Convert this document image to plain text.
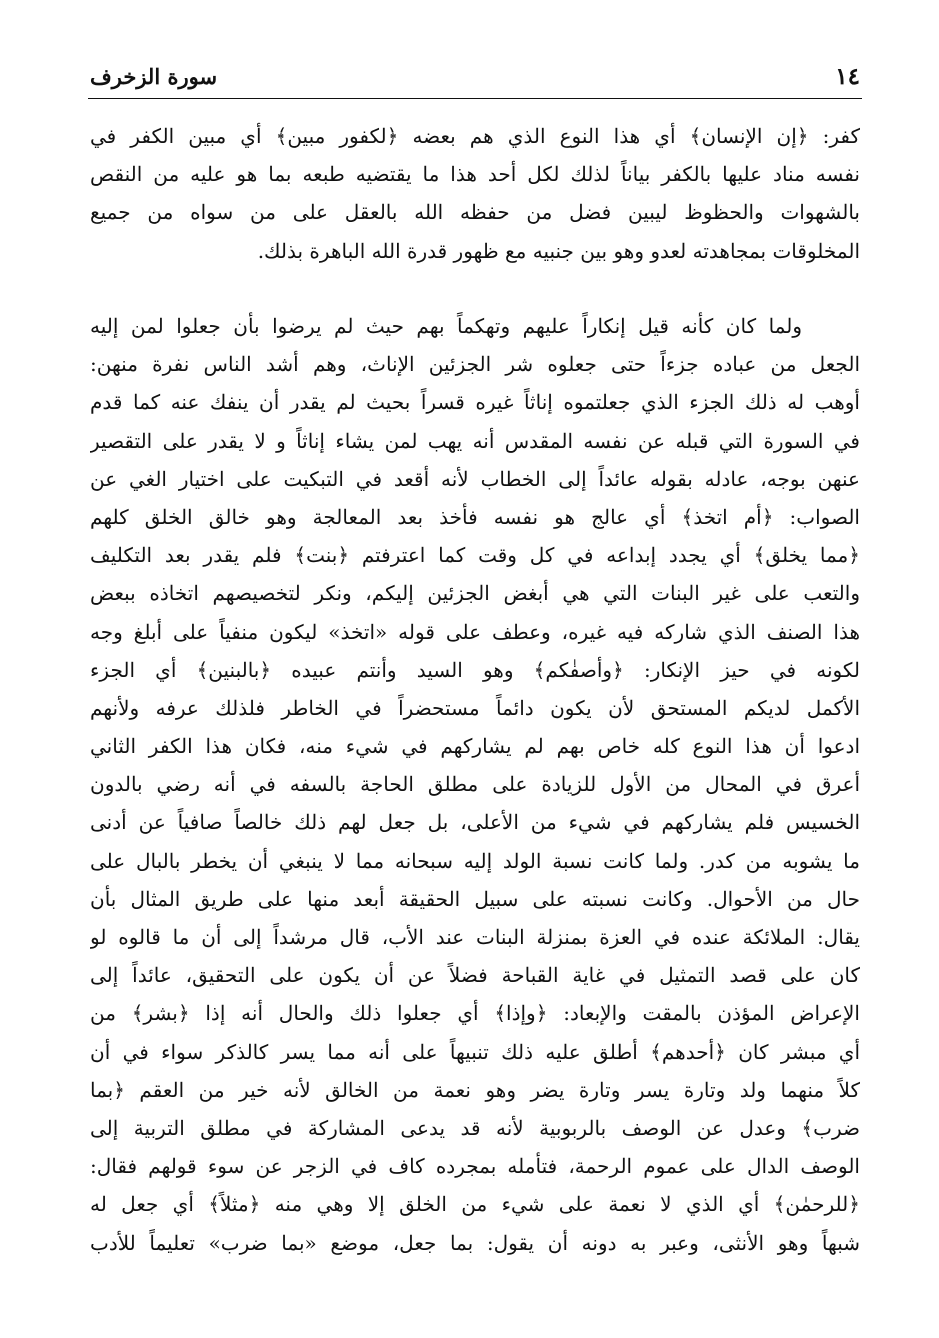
١٤
سورة الزخرف
كفر: ﴿إن الإنسان﴾ أي هذا النوع الذي هم بعضه ﴿لكفور مبين﴾ أي مبين الكفر في
نفسه مناد عليها بالكفر بياناً لذلك لكل أحد هذا ما يقتضيه طبعه بما هو عليه من النقص
بالشهوات والحظوظ ليبين فضل من حفظه الله بالعقل على من سواه من جميع
المخلوقات بمجاهدته لعدو وهو بين جنبيه مع ظهور قدرة الله الباهرة بذلك.
ولما كان كأنه قيل إنكاراً عليهم وتهكماً بهم حيث لم يرضوا بأن جعلوا لمن إليه
الجعل من عباده جزءاً حتى جعلوه شر الجزئين الإناث، وهم أشد الناس نفرة منهن:
أوهب له ذلك الجزء الذي جعلتموه إناثاً غيره قسراً بحيث لم يقدر أن ينفك عنه كما قدم
في السورة التي قبله عن نفسه المقدس أنه يهب لمن يشاء إناثاً و لا يقدر على التقصير
عنهن بوجه، عادله بقوله عائداً إلى الخطاب لأنه أقعد في التبكيت على اختيار الغي عن
الصواب: ﴿أم اتخذ﴾ أي عالج هو نفسه فأخذ بعد المعالجة وهو خالق الخلق كلهم
﴿مما يخلق﴾ أي يجدد إبداعه في كل وقت كما اعترفتم ﴿بنت﴾ فلم يقدر بعد التكليف
والتعب على غير البنات التي هي أبغض الجزئين إليكم، ونكر لتخصيصهم اتخاذه ببعض
هذا الصنف الذي شاركه فيه غيره، وعطف على قوله «اتخذ» ليكون منفياً على أبلغ وجه
لكونه في حيز الإنكار: ﴿وأصفٰكم﴾ وهو السيد وأنتم عبيده ﴿بالبنين﴾ أي الجزء
الأكمل لديكم المستحق لأن يكون دائماً مستحضراً في الخاطر فلذلك عرفه ولأنهم
ادعوا أن هذا النوع كله خاص بهم لم يشاركهم في شيء منه، فكان هذا الكفر الثاني
أعرق في المحال من الأول للزيادة على مطلق الحاجة بالسفه في أنه رضي بالدون
الخسيس فلم يشاركهم في شيء من الأعلى، بل جعل لهم ذلك خالصاً صافياً عن أدنى
ما يشوبه من كدر. ولما كانت نسبة الولد إليه سبحانه مما لا ينبغي أن يخطر بالبال على
حال من الأحوال. وكانت نسبته على سبيل الحقيقة أبعد منها على طريق المثال بأن
يقال: الملائكة عنده في العزة بمنزلة البنات عند الأب، قال مرشداً إلى أن ما قالوه لو
كان على قصد التمثيل في غاية القباحة فضلاً عن أن يكون على التحقيق، عائداً إلى
الإعراض المؤذن بالمقت والإبعاد: ﴿وإذا﴾ أي جعلوا ذلك والحال أنه إذا ﴿بشر﴾ من
أي مبشر كان ﴿أحدهم﴾ أطلق عليه ذلك تنبيهاً على أنه مما يسر كالذكر سواء في أن
كلاً منهما ولد وتارة يسر وتارة يضر وهو نعمة من الخالق لأنه خير من العقم ﴿بما
ضرب﴾ وعدل عن الوصف بالربوبية لأنه قد يدعى المشاركة في مطلق التربية إلى
الوصف الدال على عموم الرحمة، فتأمله بمجرده كاف في الزجر عن سوء قولهم فقال:
﴿للرحمٰن﴾ أي الذي لا نعمة على شيء من الخلق إلا وهي منه ﴿مثلاً﴾ أي جعل له
شبهاً وهو الأنثى، وعبر به دونه أن يقول: بما جعل، موضع «بما ضرب» تعليماً للأدب
